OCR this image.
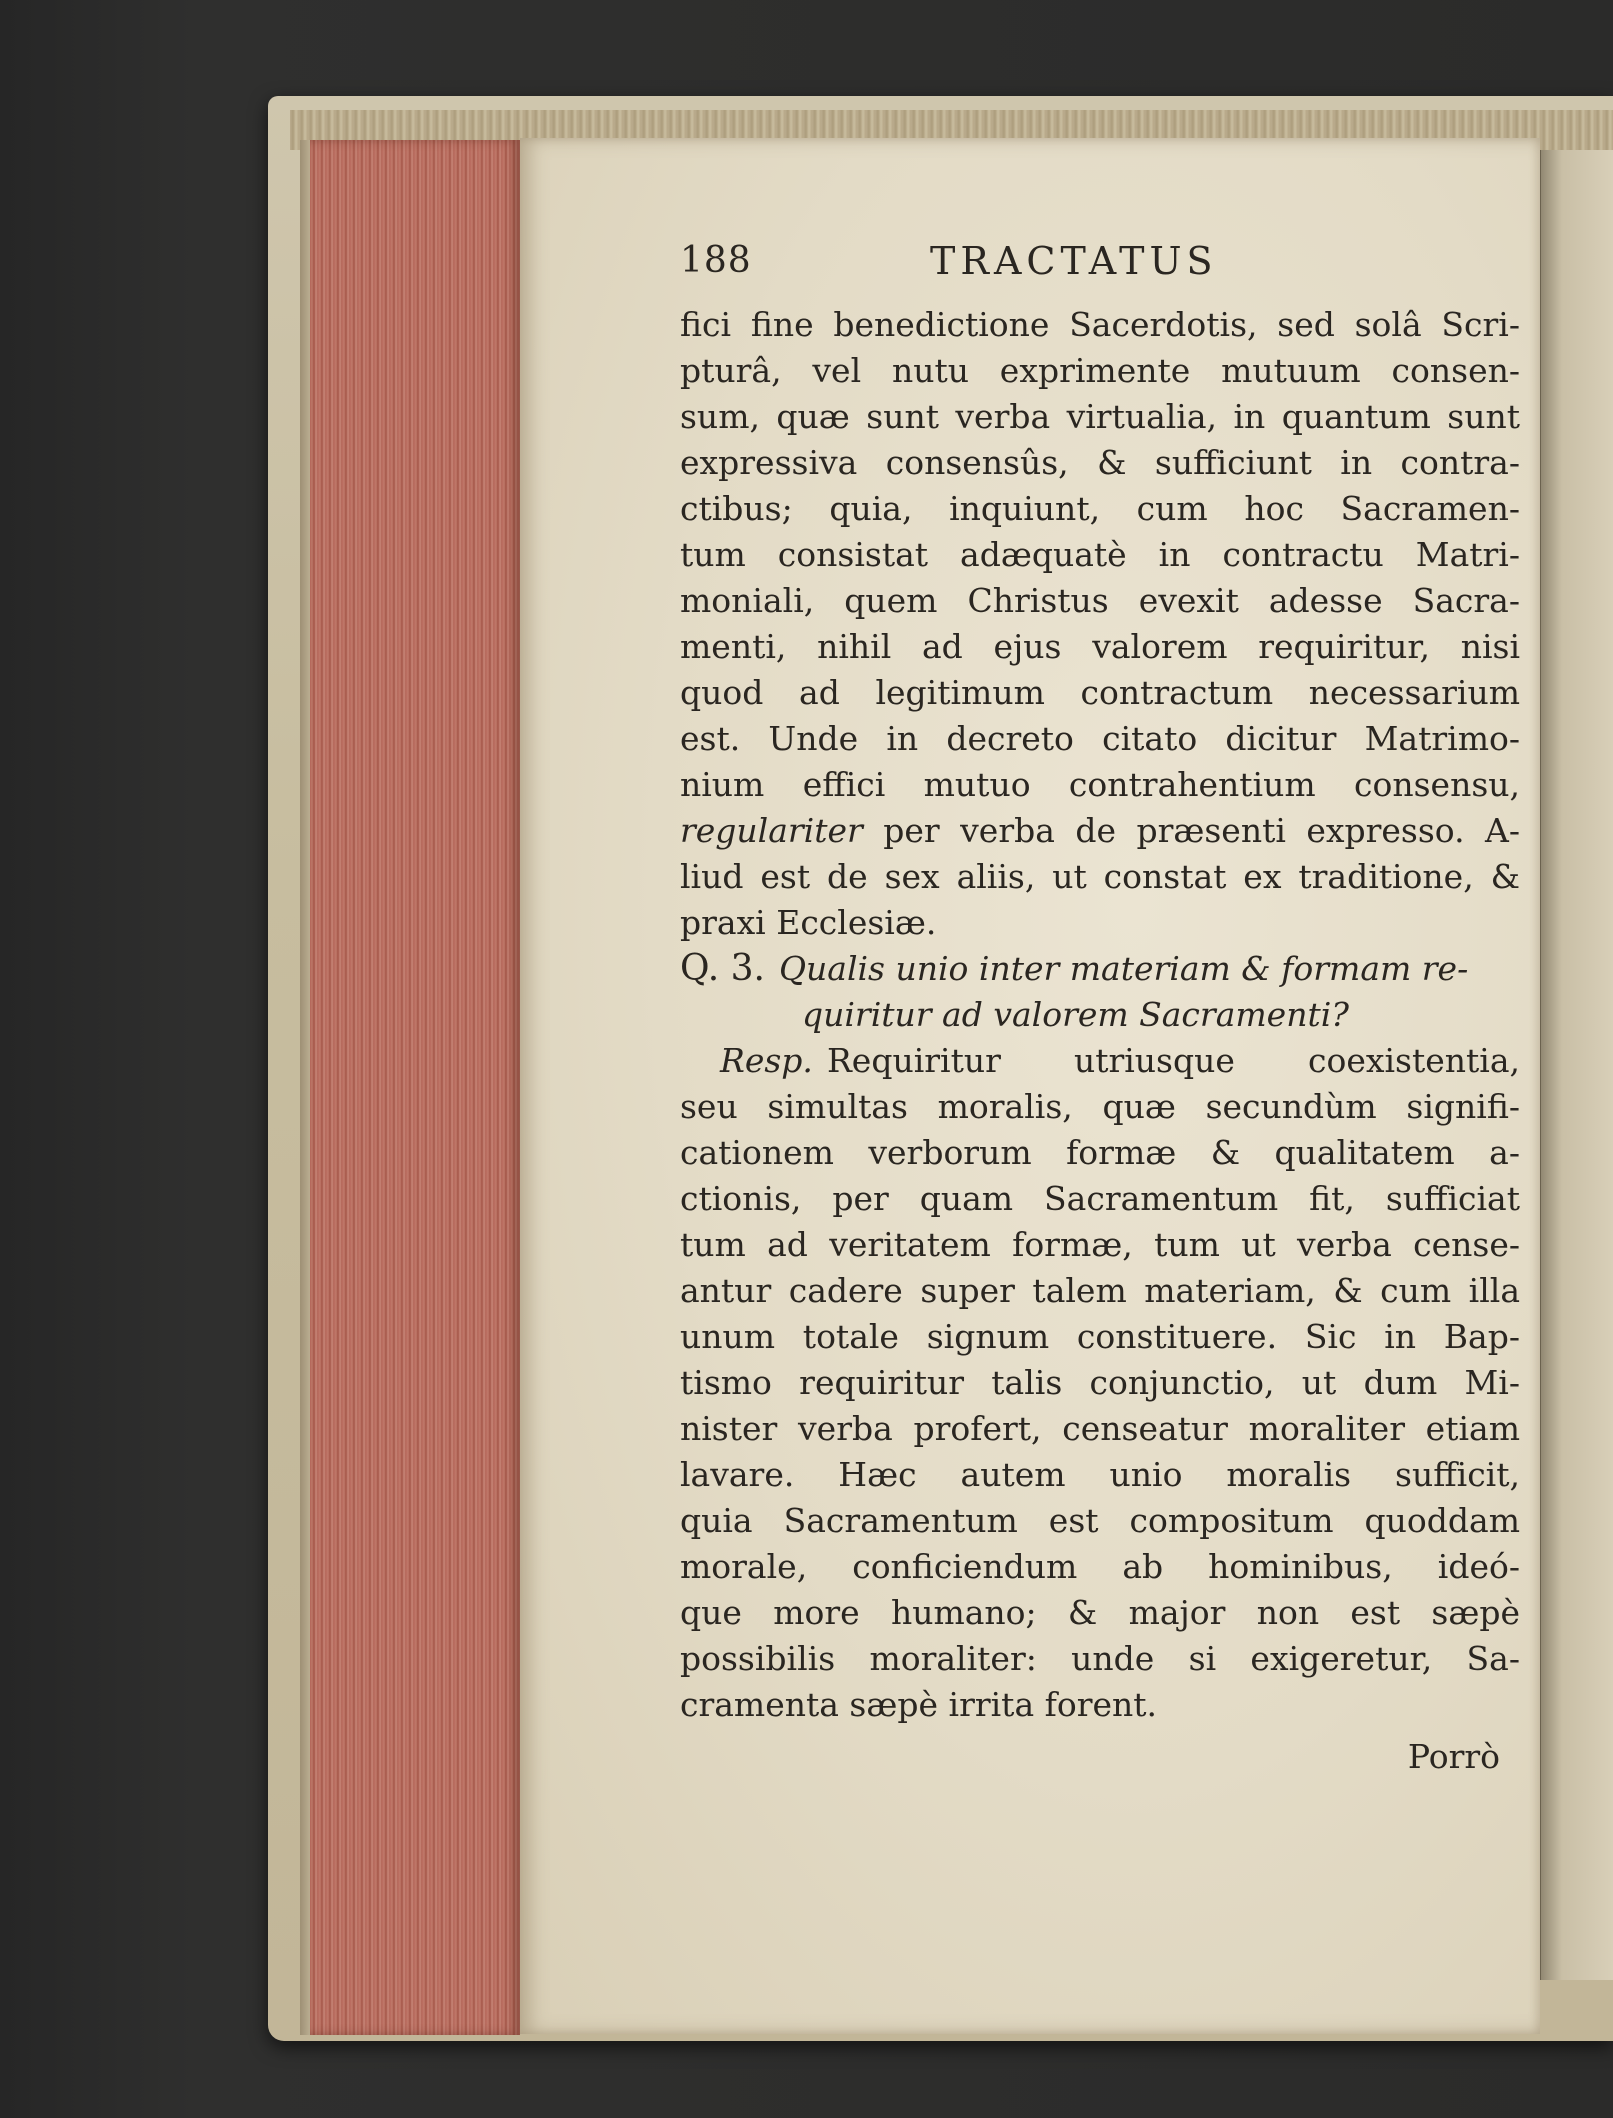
188	TRACTATUS
fici fine benedictione Sacerdotis, sed solâ Scri-
pturâ, vel nutu exprimente mutuum consen-
sum, quæ sunt verba virtualia, in quantum sunt
expressiva consensûs, & sufficiunt in contra-
ctibus; quia, inquiunt, cum hoc Sacramen-
tum consistat adæquatè in contractu Matri-
moniali, quem Christus evexit adesse Sacra-
menti, nihil ad ejus valorem requiritur, nisi
quod ad legitimum contractum necessarium
est. Unde in decreto citato dicitur Matrimo-
nium effici mutuo contrahentium consensu,
regulariter per verba de præsenti expresso. A-
liud est de sex aliis, ut constat ex traditione, &
praxi Ecclesiæ.
Q. 3. Qualis unio inter materiam & formam re-
quiritur ad valorem Sacramenti?
Resp. Requiritur utriusque coexistentia,
seu simultas moralis, quæ secundùm signifi-
cationem verborum formæ & qualitatem a-
ctionis, per quam Sacramentum fit, sufficiat
tum ad veritatem formæ, tum ut verba cense-
antur cadere super talem materiam, & cum illa
unum totale signum constituere. Sic in Bap-
tismo requiritur talis conjunctio, ut dum Mi-
nister verba profert, censeatur moraliter etiam
lavare. Hæc autem unio moralis sufficit,
quia Sacramentum est compositum quoddam
morale, conficiendum ab hominibus, ideó-
que more humano; & major non est sæpè
possibilis moraliter: unde si exigeretur, Sa-
cramenta sæpè irrita forent.
Porrò
